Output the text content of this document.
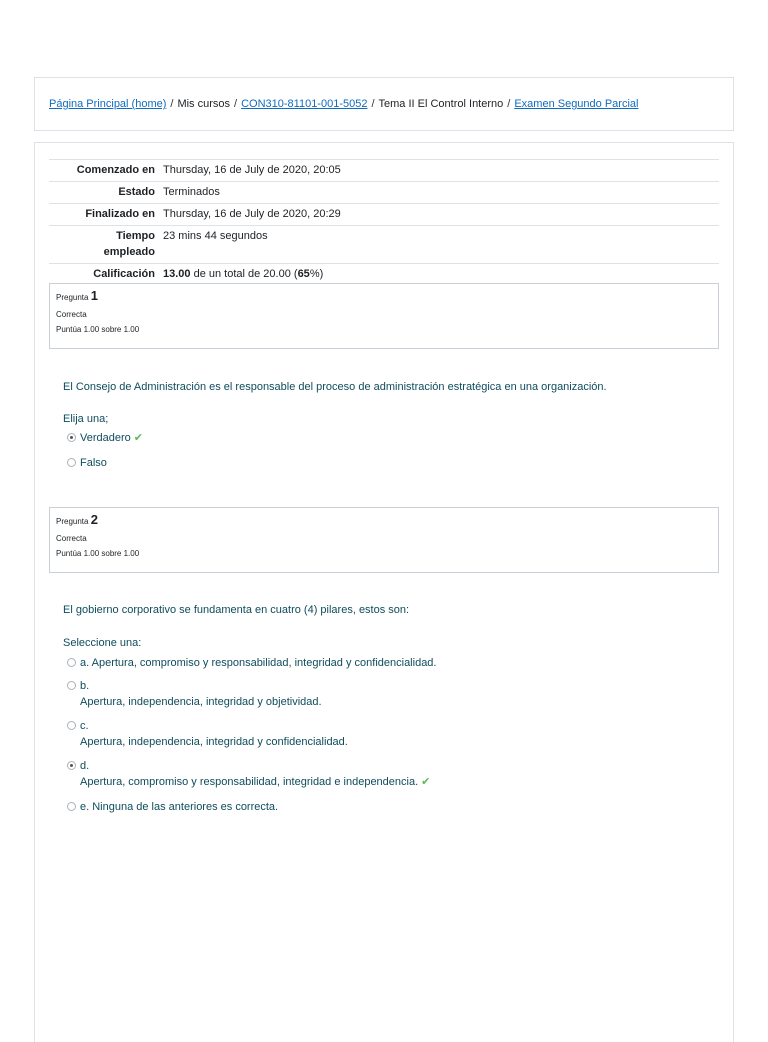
Página Principal (home) / Mis cursos / CON310-81101-001-5052 / Tema II El Control Interno / Examen Segundo Parcial
Comenzado en	Thursday, 16 de July de 2020, 20:05
Estado	Terminados
Finalizado en	Thursday, 16 de July de 2020, 20:29
Tiempo
empleado	23 mins 44 segundos
Calificación	13.00 de un total de 20.00 (65%)
Pregunta 1
Correcta
Puntúa 1.00 sobre 1.00
El Consejo de Administración es el responsable del proceso de administración estratégica en una organización.
Elija una;
Verdadero ✔
Falso
Pregunta 2
Correcta
Puntúa 1.00 sobre 1.00
El gobierno corporativo se fundamenta en cuatro (4) pilares, estos son:
Seleccione una:
a. Apertura, compromiso y responsabilidad, integridad y confidencialidad.
b.
Apertura, independencia, integridad y objetividad.
c.
Apertura, independencia, integridad y confidencialidad.
d.
Apertura, compromiso y responsabilidad, integridad e independencia. ✔
e. Ninguna de las anteriores es correcta.
